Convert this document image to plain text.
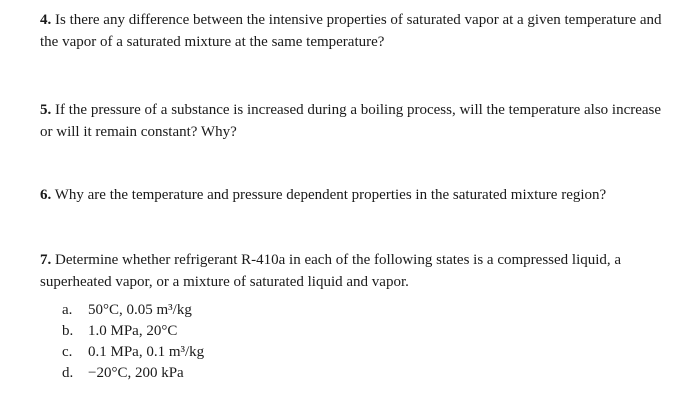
4. Is there any difference between the intensive properties of saturated vapor at a given temperature and the vapor of a saturated mixture at the same temperature?

5. If the pressure of a substance is increased during a boiling process, will the temperature also increase or will it remain constant? Why?

6. Why are the temperature and pressure dependent properties in the saturated mixture region?

7. Determine whether refrigerant R-410a in each of the following states is a compressed liquid, a superheated vapor, or a mixture of saturated liquid and vapor.

a.	50°C, 0.05 m³/kg
b. 1.0 MPa, 20°C
c.	0.1 MPa, 0.1 m³/kg
d. −20°C, 200 kPa
